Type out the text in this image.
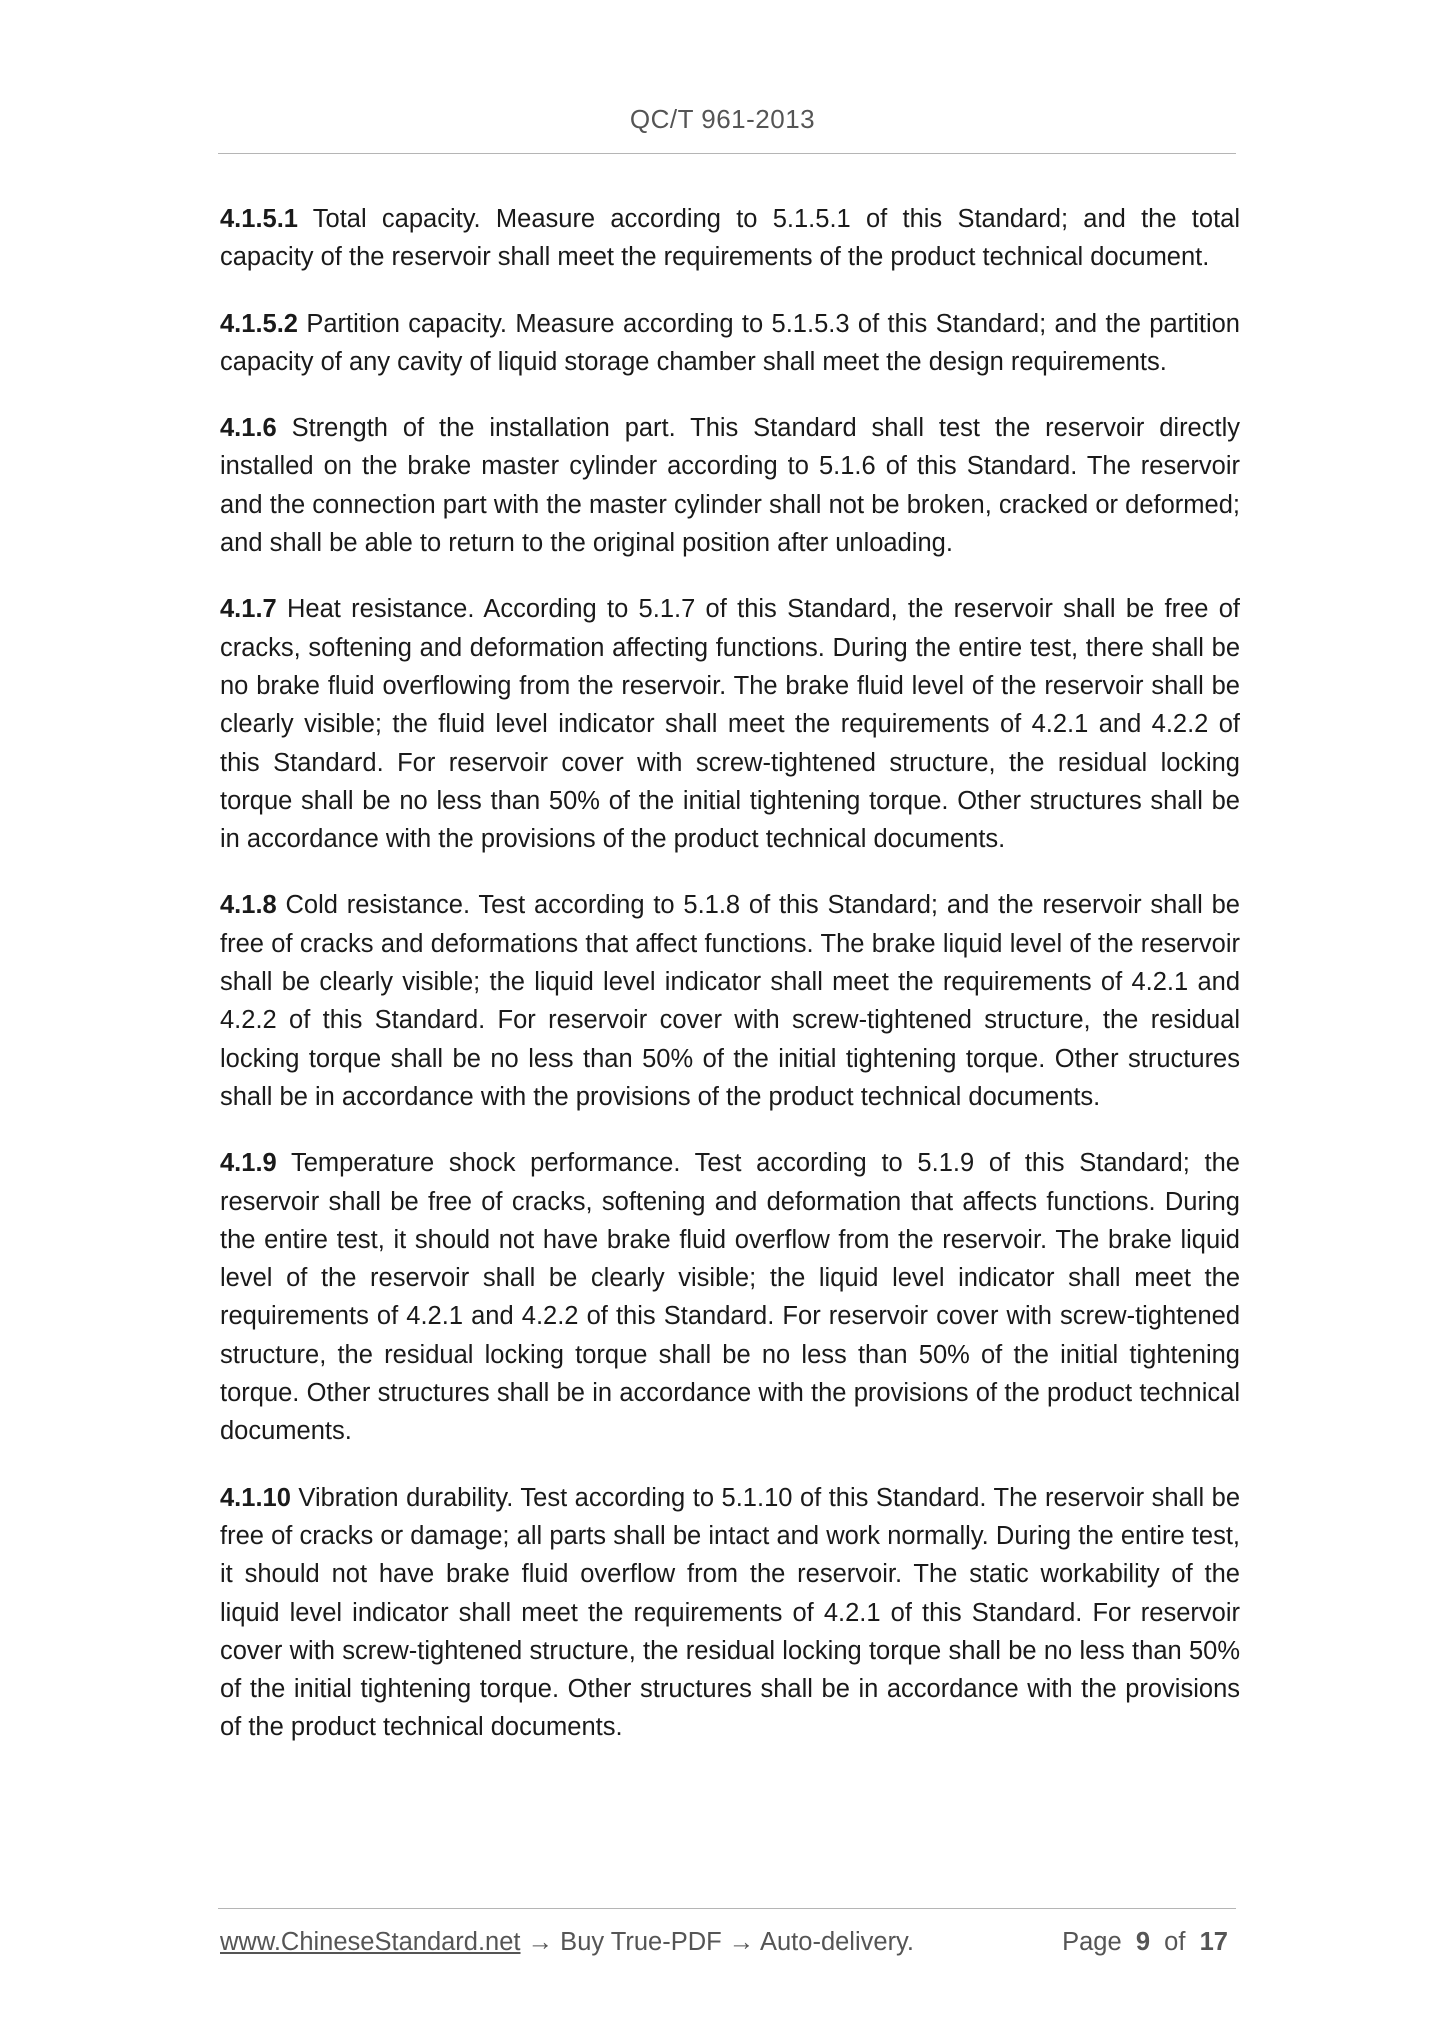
QC/T 961-2013

4.1.5.1 Total capacity. Measure according to 5.1.5.1 of this Standard; and the total capacity of the reservoir shall meet the requirements of the product technical document.

4.1.5.2 Partition capacity. Measure according to 5.1.5.3 of this Standard; and the partition capacity of any cavity of liquid storage chamber shall meet the design requirements.

4.1.6 Strength of the installation part. This Standard shall test the reservoir directly installed on the brake master cylinder according to 5.1.6 of this Standard. The reservoir and the connection part with the master cylinder shall not be broken, cracked or deformed; and shall be able to return to the original position after unloading.

4.1.7 Heat resistance. According to 5.1.7 of this Standard, the reservoir shall be free of cracks, softening and deformation affecting functions. During the entire test, there shall be no brake fluid overflowing from the reservoir. The brake fluid level of the reservoir shall be clearly visible; the fluid level indicator shall meet the requirements of 4.2.1 and 4.2.2 of this Standard. For reservoir cover with screw-tightened structure, the residual locking torque shall be no less than 50% of the initial tightening torque. Other structures shall be in accordance with the provisions of the product technical documents.

4.1.8 Cold resistance. Test according to 5.1.8 of this Standard; and the reservoir shall be free of cracks and deformations that affect functions. The brake liquid level of the reservoir shall be clearly visible; the liquid level indicator shall meet the requirements of 4.2.1 and 4.2.2 of this Standard. For reservoir cover with screw-tightened structure, the residual locking torque shall be no less than 50% of the initial tightening torque. Other structures shall be in accordance with the provisions of the product technical documents.

4.1.9 Temperature shock performance. Test according to 5.1.9 of this Standard; the reservoir shall be free of cracks, softening and deformation that affects functions. During the entire test, it should not have brake fluid overflow from the reservoir. The brake liquid level of the reservoir shall be clearly visible; the liquid level indicator shall meet the requirements of 4.2.1 and 4.2.2 of this Standard. For reservoir cover with screw-tightened structure, the residual locking torque shall be no less than 50% of the initial tightening torque. Other structures shall be in accordance with the provisions of the product technical documents.

4.1.10 Vibration durability. Test according to 5.1.10 of this Standard. The reservoir shall be free of cracks or damage; all parts shall be intact and work normally. During the entire test, it should not have brake fluid overflow from the reservoir. The static workability of the liquid level indicator shall meet the requirements of 4.2.1 of this Standard. For reservoir cover with screw-tightened structure, the residual locking torque shall be no less than 50% of the initial tightening torque. Other structures shall be in accordance with the provisions of the product technical documents.

www.ChineseStandard.net → Buy True-PDF → Auto-delivery.	Page 9 of 17
